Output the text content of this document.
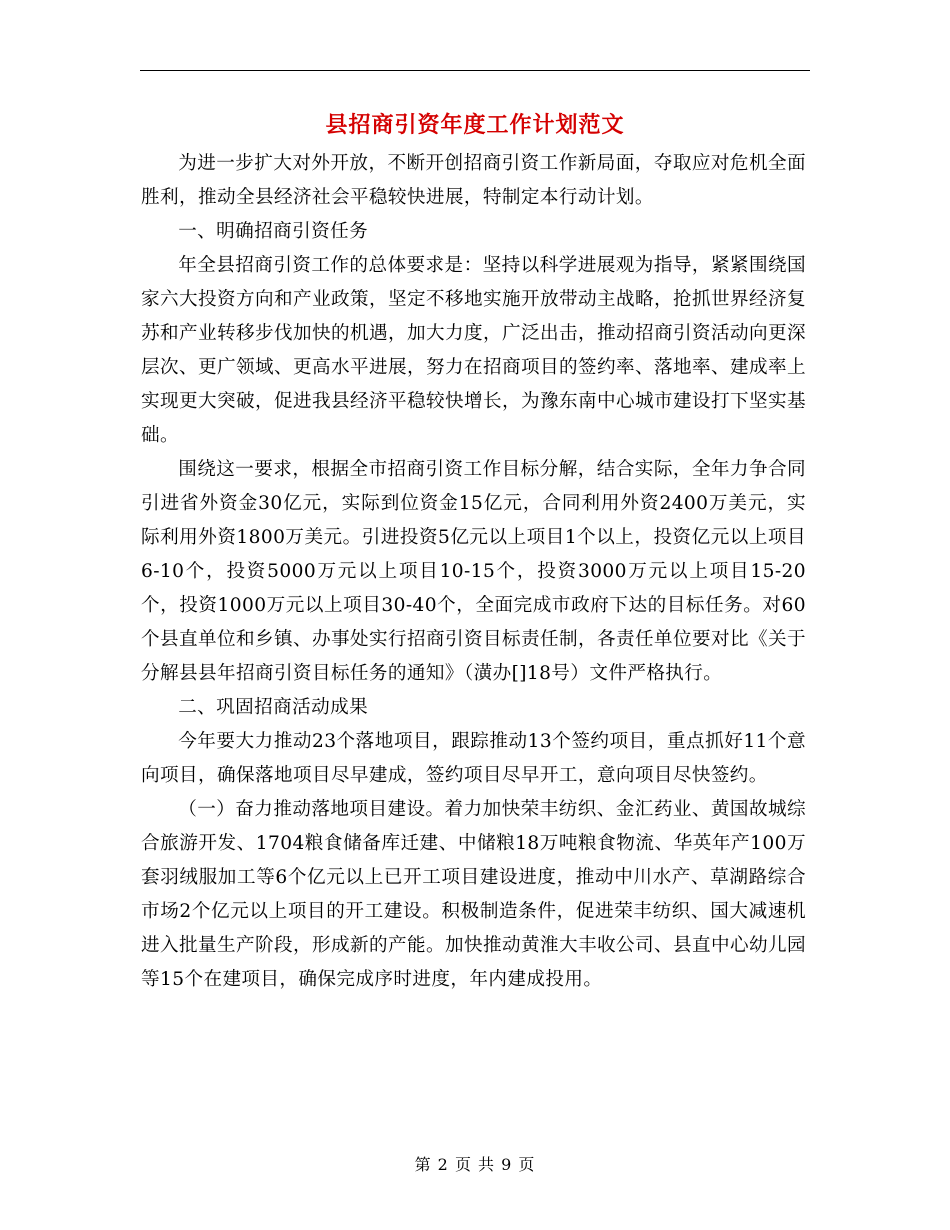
县招商引资年度工作计划范文

为进一步扩大对外开放，不断开创招商引资工作新局面，夺取应对危机全面胜利，推动全县经济社会平稳较快进展，特制定本行动计划。

一、明确招商引资任务

年全县招商引资工作的总体要求是：坚持以科学进展观为指导，紧紧围绕国家六大投资方向和产业政策，坚定不移地实施开放带动主战略，抢抓世界经济复苏和产业转移步伐加快的机遇，加大力度，广泛出击，推动招商引资活动向更深层次、更广领域、更高水平进展，努力在招商项目的签约率、落地率、建成率上实现更大突破，促进我县经济平稳较快增长，为豫东南中心城市建设打下坚实基础。

围绕这一要求，根据全市招商引资工作目标分解，结合实际，全年力争合同引进省外资金30亿元，实际到位资金15亿元，合同利用外资2400万美元，实际利用外资1800万美元。引进投资5亿元以上项目1个以上，投资亿元以上项目6-10个，投资5000万元以上项目10-15个，投资3000万元以上项目15-20个，投资1000万元以上项目30-40个，全面完成市政府下达的目标任务。对60个县直单位和乡镇、办事处实行招商引资目标责任制，各责任单位要对比《关于分解县县年招商引资目标任务的通知》（潢办[]18号）文件严格执行。

二、巩固招商活动成果

今年要大力推动23个落地项目，跟踪推动13个签约项目，重点抓好11个意向项目，确保落地项目尽早建成，签约项目尽早开工，意向项目尽快签约。

（一）奋力推动落地项目建设。着力加快荣丰纺织、金汇药业、黄国故城综合旅游开发、1704粮食储备库迁建、中储粮18万吨粮食物流、华英年产100万套羽绒服加工等6个亿元以上已开工项目建设进度，推动中川水产、草湖路综合市场2个亿元以上项目的开工建设。积极制造条件，促进荣丰纺织、国大减速机进入批量生产阶段，形成新的产能。加快推动黄淮大丰收公司、县直中心幼儿园等15个在建项目，确保完成序时进度，年内建成投用。

第 2 页 共 9 页
